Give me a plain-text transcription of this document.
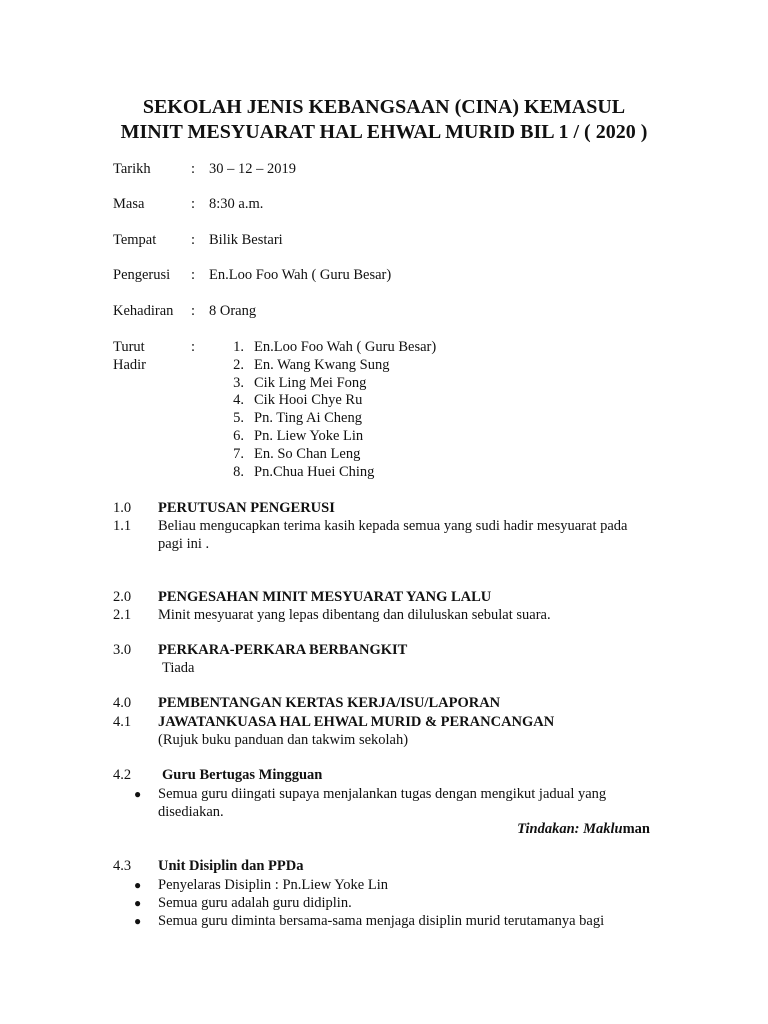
SEKOLAH JENIS KEBANGSAAN (CINA) KEMASUL
MINIT MESYUARAT HAL EHWAL MURID BIL 1 / ( 2020 )
Tarikh	: 30 – 12 – 2019
Masa	: 8:30 a.m.
Tempat : Bilik Bestari
Pengerusi : En.Loo Foo Wah ( Guru Besar)
Kehadiran : 8 Orang
Turut
Hadir
:	1. En.Loo Foo Wah ( Guru Besar)
2. En. Wang Kwang Sung
3. Cik Ling Mei Fong
4. Cik Hooi Chye Ru
5. Pn. Ting Ai Cheng
6. Pn. Liew Yoke Lin
7. En. So Chan Leng
8. Pn.Chua Huei Ching
1.0 PERUTUSAN PENGERUSI
1.1 Beliau mengucapkan terima kasih kepada semua yang sudi hadir mesyuarat pada
pagi ini .
2.0 PENGESAHAN MINIT MESYUARAT YANG LALU
2.1 Minit mesyuarat yang lepas dibentang dan diluluskan sebulat suara.
3.0 PERKARA-PERKARA BERBANGKIT
Tiada
4.0 PEMBENTANGAN KERTAS KERJA/ISU/LAPORAN
4.1 JAWATANKUASA HAL EHWAL MURID & PERANCANGAN
(Rujuk buku panduan dan takwim sekolah)
4.2 Guru Bertugas Mingguan
● Semua guru diingati supaya menjalankan tugas dengan mengikut jadual yang
disediakan.
Tindakan: Makluman
4.3 Unit Disiplin dan PPDa
● Penyelaras Disiplin : Pn.Liew Yoke Lin
● Semua guru adalah guru didiplin.
● Semua guru diminta bersama-sama menjaga disiplin murid terutamanya bagi
